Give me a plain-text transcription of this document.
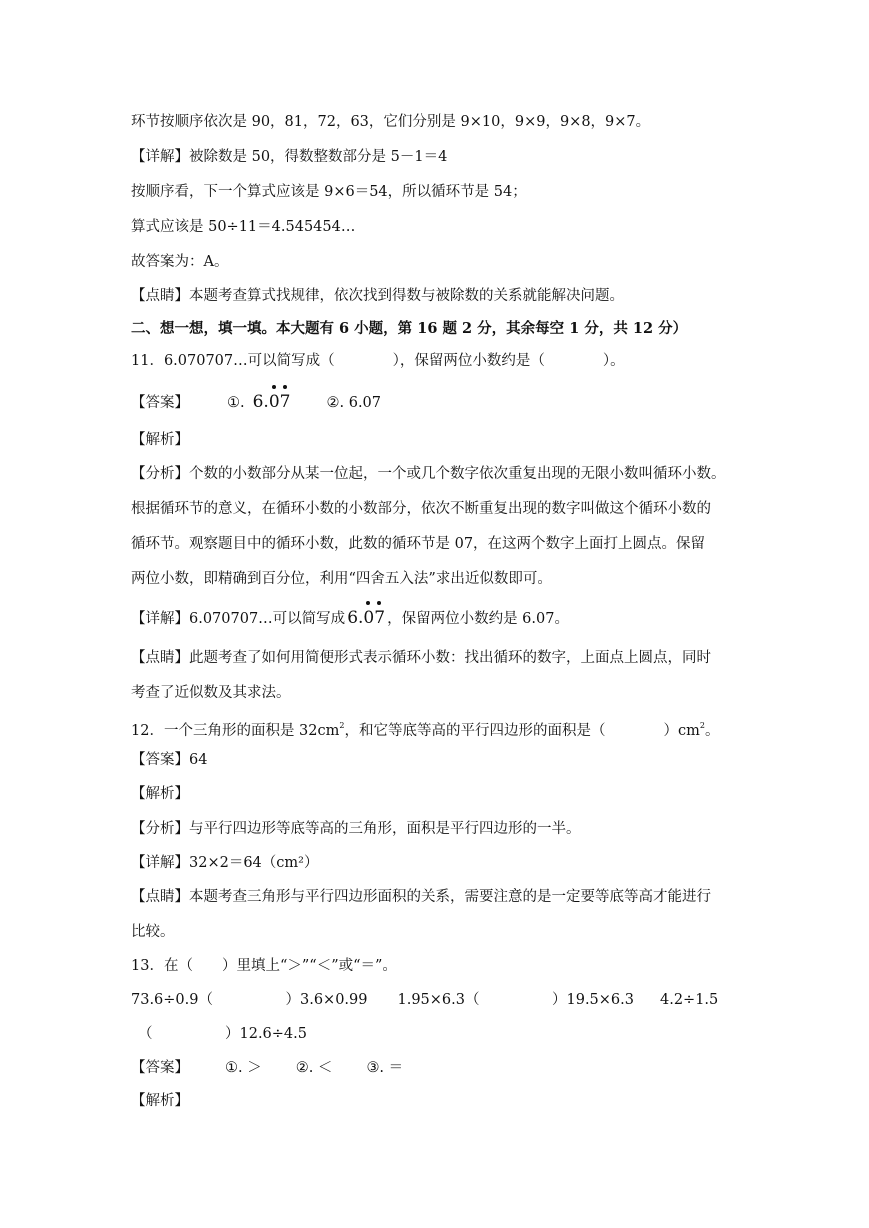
环节按顺序依次是 90，81，72，63，它们分别是 9×10，9×9，9×8，9×7。
【详解】被除数是 50，得数整数部分是 5－1＝4
按顺序看，下一个算式应该是 9×6＝54，所以循环节是 54；
算式应该是 50÷11＝4.545454…
故答案为：A。
【点睛】本题考查算式找规律，依次找到得数与被除数的关系就能解决问题。
二、想一想，填一填。本大题有 6 小题，第 16 题 2 分，其余每空 1 分，共 12 分）
11．6.070707…可以简写成（　　　　），保留两位小数约是（　　　　）。
【答案】	①. 6.
0
7 ②. 6.07
【解析】
【分析】个数的小数部分从某一位起，一个或几个数字依次重复出现的无限小数叫循环小数。
根据循环节的意义，在循环小数的小数部分，依次不断重复出现的数字叫做这个循环小数的
循环节。观察题目中的循环小数，此数的循环节是 07，在这两个数字上面打上圆点。保留
两位小数，即精确到百分位，利用“四舍五入法”求出近似数即可。
【详解】6.070707…可以简写成 6.
0
7 ，保留两位小数约是 6.07。
【点睛】此题考查了如何用简便形式表示循环小数：找出循环的数字，上面点上圆点，同时
考查了近似数及其求法。
12．一个三角形的面积是 $32cm^2$，和它等底等高的平行四边形的面积是（　　　　）$cm^2$。
【答案】64
【解析】
【分析】与平行四边形等底等高的三角形，面积是平行四边形的一半。
【详解】32×2＝64（cm²）
【点睛】本题考查三角形与平行四边形面积的关系，需要注意的是一定要等底等高才能进行
比较。
13．在（　　）里填上“＞”“＜”或“＝”。
73.6÷0.9（　　　　　）3.6×0.99 1.95×6.3（　　　　　）19.5×6.3 4.2÷1.5
（　　　　　）12.6÷4.5
【答案】 ①. ＞ ②. ＜ ③. ＝
【解析】
